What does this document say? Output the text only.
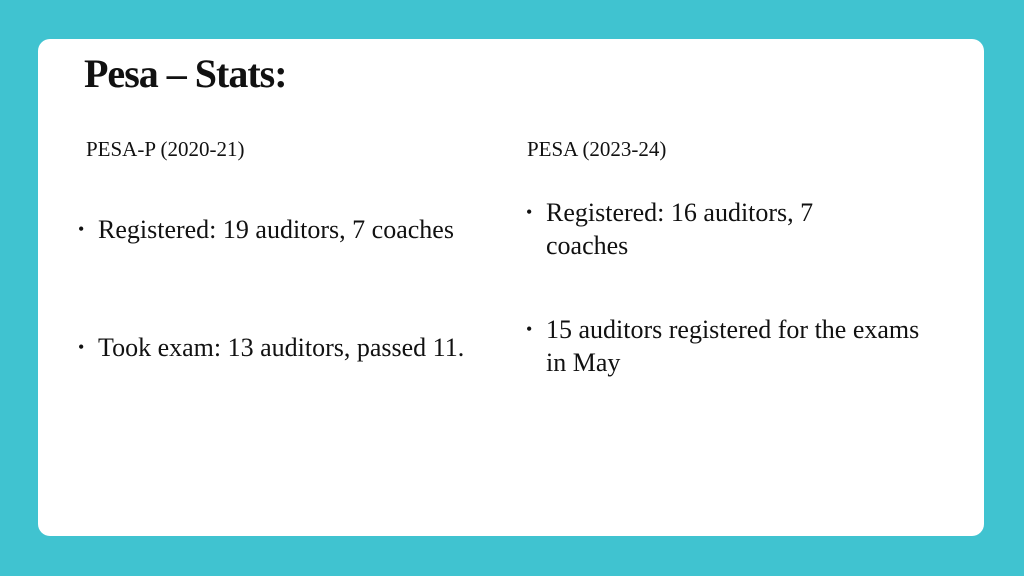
Pesa – Stats:
PESA-P (2020-21)	PESA (2023-24)
• Registered: 19 auditors, 7 coaches
• Took exam: 13 auditors, passed 11.
• Registered: 16 auditors, 7 coaches
• 15 auditors registered for the exams in May
